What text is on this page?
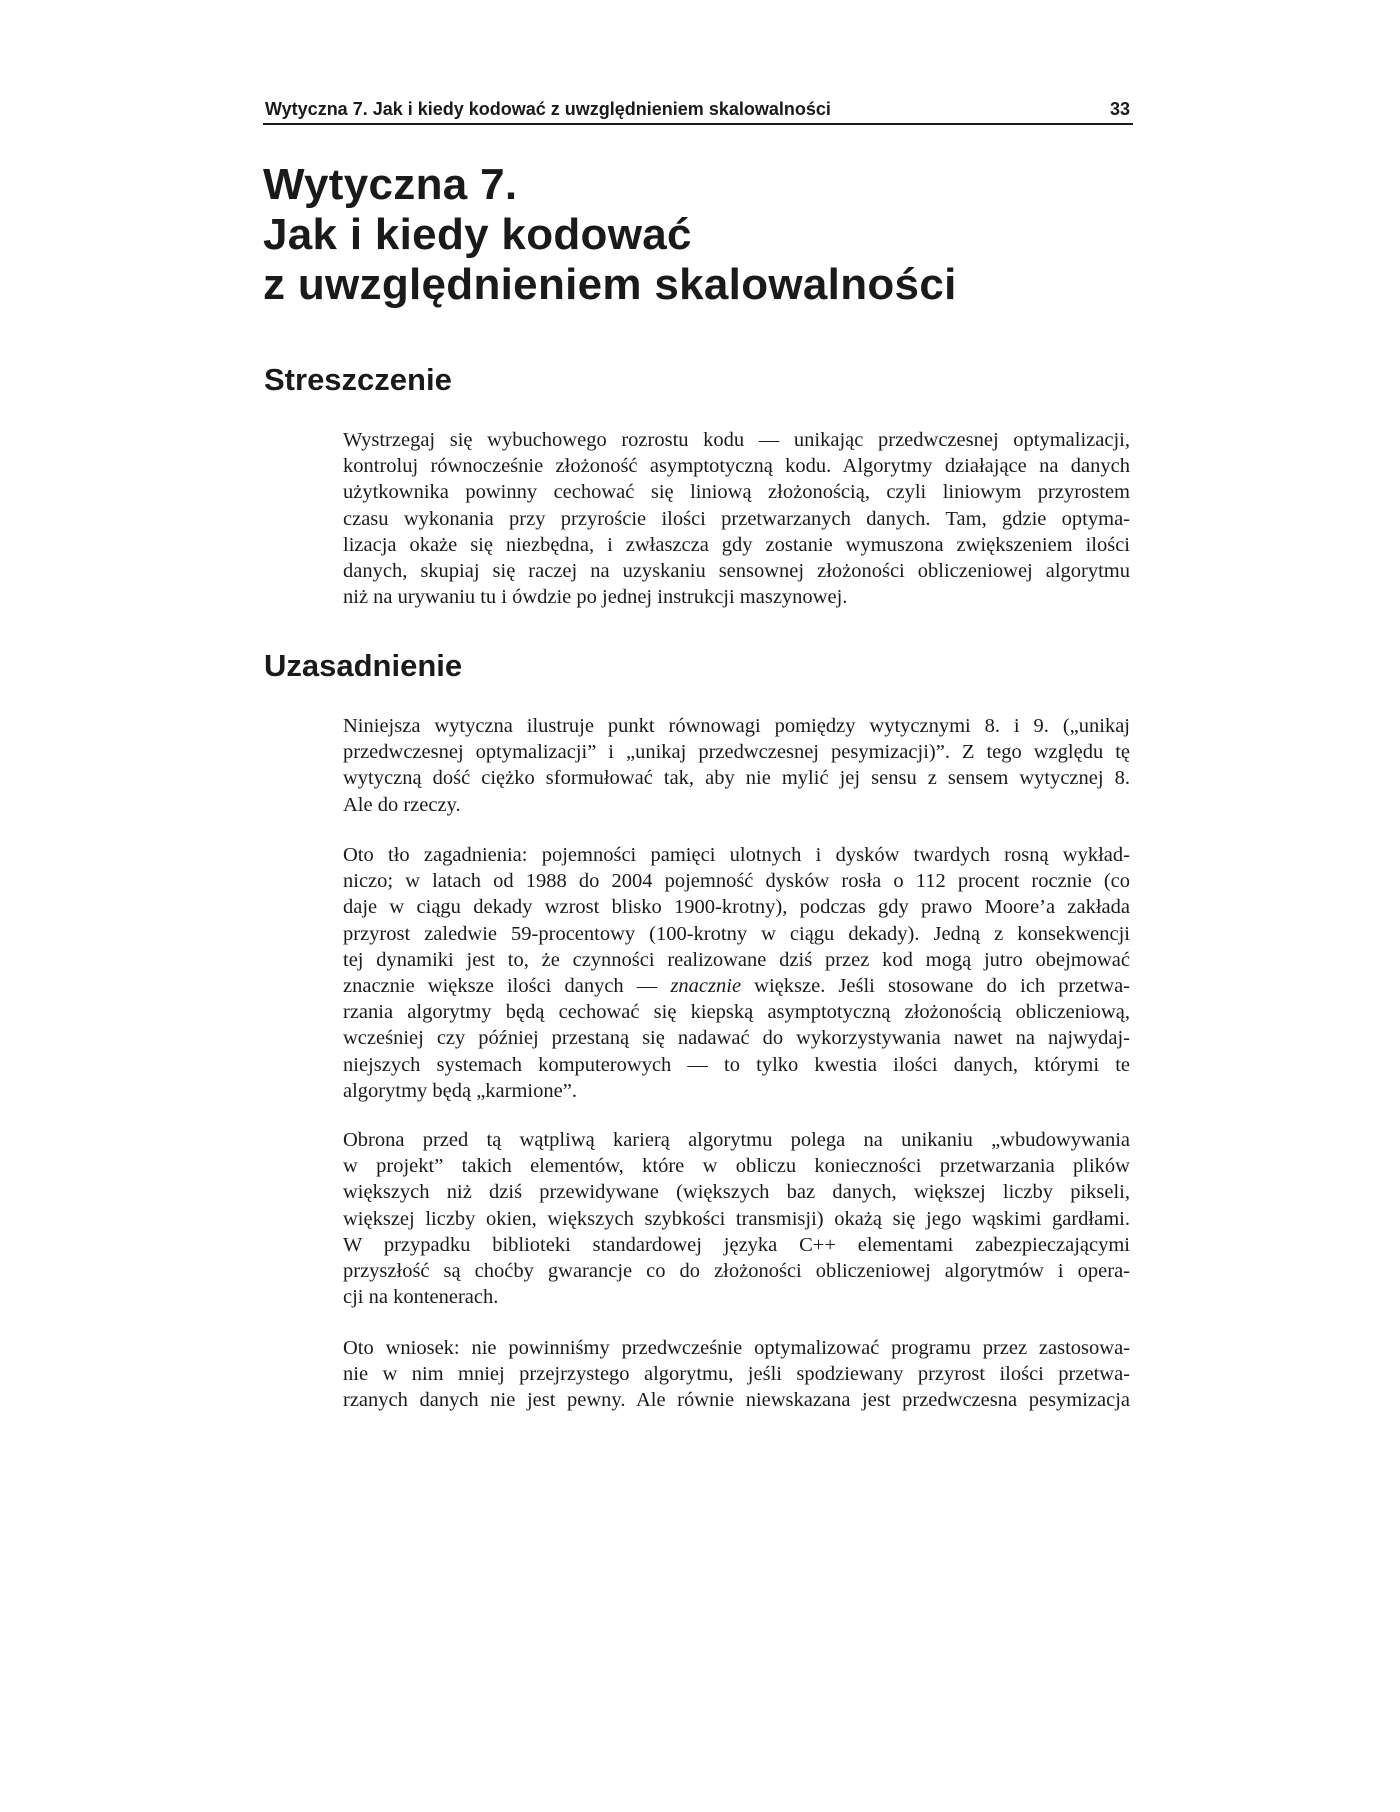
Wytyczna 7. Jak i kiedy kodować z uwzględnieniem skalowalności	33
Wytyczna 7.
Jak i kiedy kodować
z uwzględnieniem skalowalności
Streszczenie
Wystrzegaj się wybuchowego rozrostu kodu — unikając przedwczesnej optymalizacji,
kontroluj równocześnie złożoność asymptotyczną kodu. Algorytmy działające na danych
użytkownika powinny cechować się liniową złożonością, czyli liniowym przyrostem
czasu wykonania przy przyroście ilości przetwarzanych danych. Tam, gdzie optyma-
lizacja okaże się niezbędna, i zwłaszcza gdy zostanie wymuszona zwiększeniem ilości
danych, skupiaj się raczej na uzyskaniu sensownej złożoności obliczeniowej algorytmu
niż na urywaniu tu i ówdzie po jednej instrukcji maszynowej.
Uzasadnienie
Niniejsza wytyczna ilustruje punkt równowagi pomiędzy wytycznymi 8. i 9. („unikaj
przedwczesnej optymalizacji” i „unikaj przedwczesnej pesymizacji)”. Z tego względu tę
wytyczną dość ciężko sformułować tak, aby nie mylić jej sensu z sensem wytycznej 8.
Ale do rzeczy.
Oto tło zagadnienia: pojemności pamięci ulotnych i dysków twardych rosną wykład-
niczo; w latach od 1988 do 2004 pojemność dysków rosła o 112 procent rocznie (co
daje w ciągu dekady wzrost blisko 1900-krotny), podczas gdy prawo Moore’a zakłada
przyrost zaledwie 59-procentowy (100-krotny w ciągu dekady). Jedną z konsekwencji
tej dynamiki jest to, że czynności realizowane dziś przez kod mogą jutro obejmować
znacznie większe ilości danych — znacznie większe. Jeśli stosowane do ich przetwa-
rzania algorytmy będą cechować się kiepską asymptotyczną złożonością obliczeniową,
wcześniej czy później przestaną się nadawać do wykorzystywania nawet na najwydaj-
niejszych systemach komputerowych — to tylko kwestia ilości danych, którymi te
algorytmy będą „karmione”.
Obrona przed tą wątpliwą karierą algorytmu polega na unikaniu „wbudowywania
w projekt” takich elementów, które w obliczu konieczności przetwarzania plików
większych niż dziś przewidywane (większych baz danych, większej liczby pikseli,
większej liczby okien, większych szybkości transmisji) okażą się jego wąskimi gardłami.
W przypadku biblioteki standardowej języka C++ elementami zabezpieczającymi
przyszłość są choćby gwarancje co do złożoności obliczeniowej algorytmów i opera-
cji na kontenerach.
Oto wniosek: nie powinniśmy przedwcześnie optymalizować programu przez zastosowa-
nie w nim mniej przejrzystego algorytmu, jeśli spodziewany przyrost ilości przetwa-
rzanych danych nie jest pewny. Ale równie niewskazana jest przedwczesna pesymizacja
